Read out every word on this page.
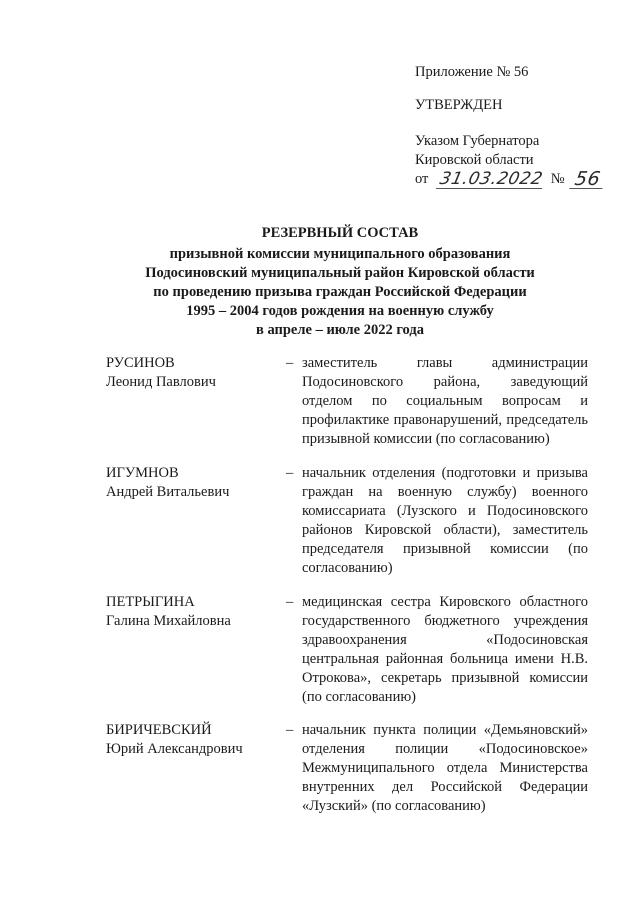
Приложение № 56
УТВЕРЖДЕН
Указом Губернатора
Кировской области
от 31.03.2022 № 56
РЕЗЕРВНЫЙ СОСТАВ
призывной комиссии муниципального образования
Подосиновский муниципальный район Кировской области
по проведению призыва граждан Российской Федерации
1995 – 2004 годов рождения на военную службу
в апреле – июле 2022 года
РУСИНОВ
Леонид Павлович
– заместитель главы администрации Подосиновского района, заведующий отделом по социальным вопросам и профилактике правонарушений, председатель призывной комиссии (по согласованию)
ИГУМНОВ
Андрей Витальевич
– начальник отделения (подготовки и призыва граждан на военную службу) военного комиссариата (Лузского и Подосиновского районов Кировской области), заместитель председателя призывной комиссии (по согласованию)
ПЕТРЫГИНА
Галина Михайловна
– медицинская сестра Кировского областного государственного бюджетного учреждения здравоохранения «Подосиновская центральная районная больница имени Н.В. Отрокова», секретарь призывной комиссии (по согласованию)
БИРИЧЕВСКИЙ
Юрий Александрович
– начальник пункта полиции «Демьяновский» отделения полиции «Подосиновское» Межмуниципального отдела Министерства внутренних дел Российской Федерации «Лузский» (по согласованию)
